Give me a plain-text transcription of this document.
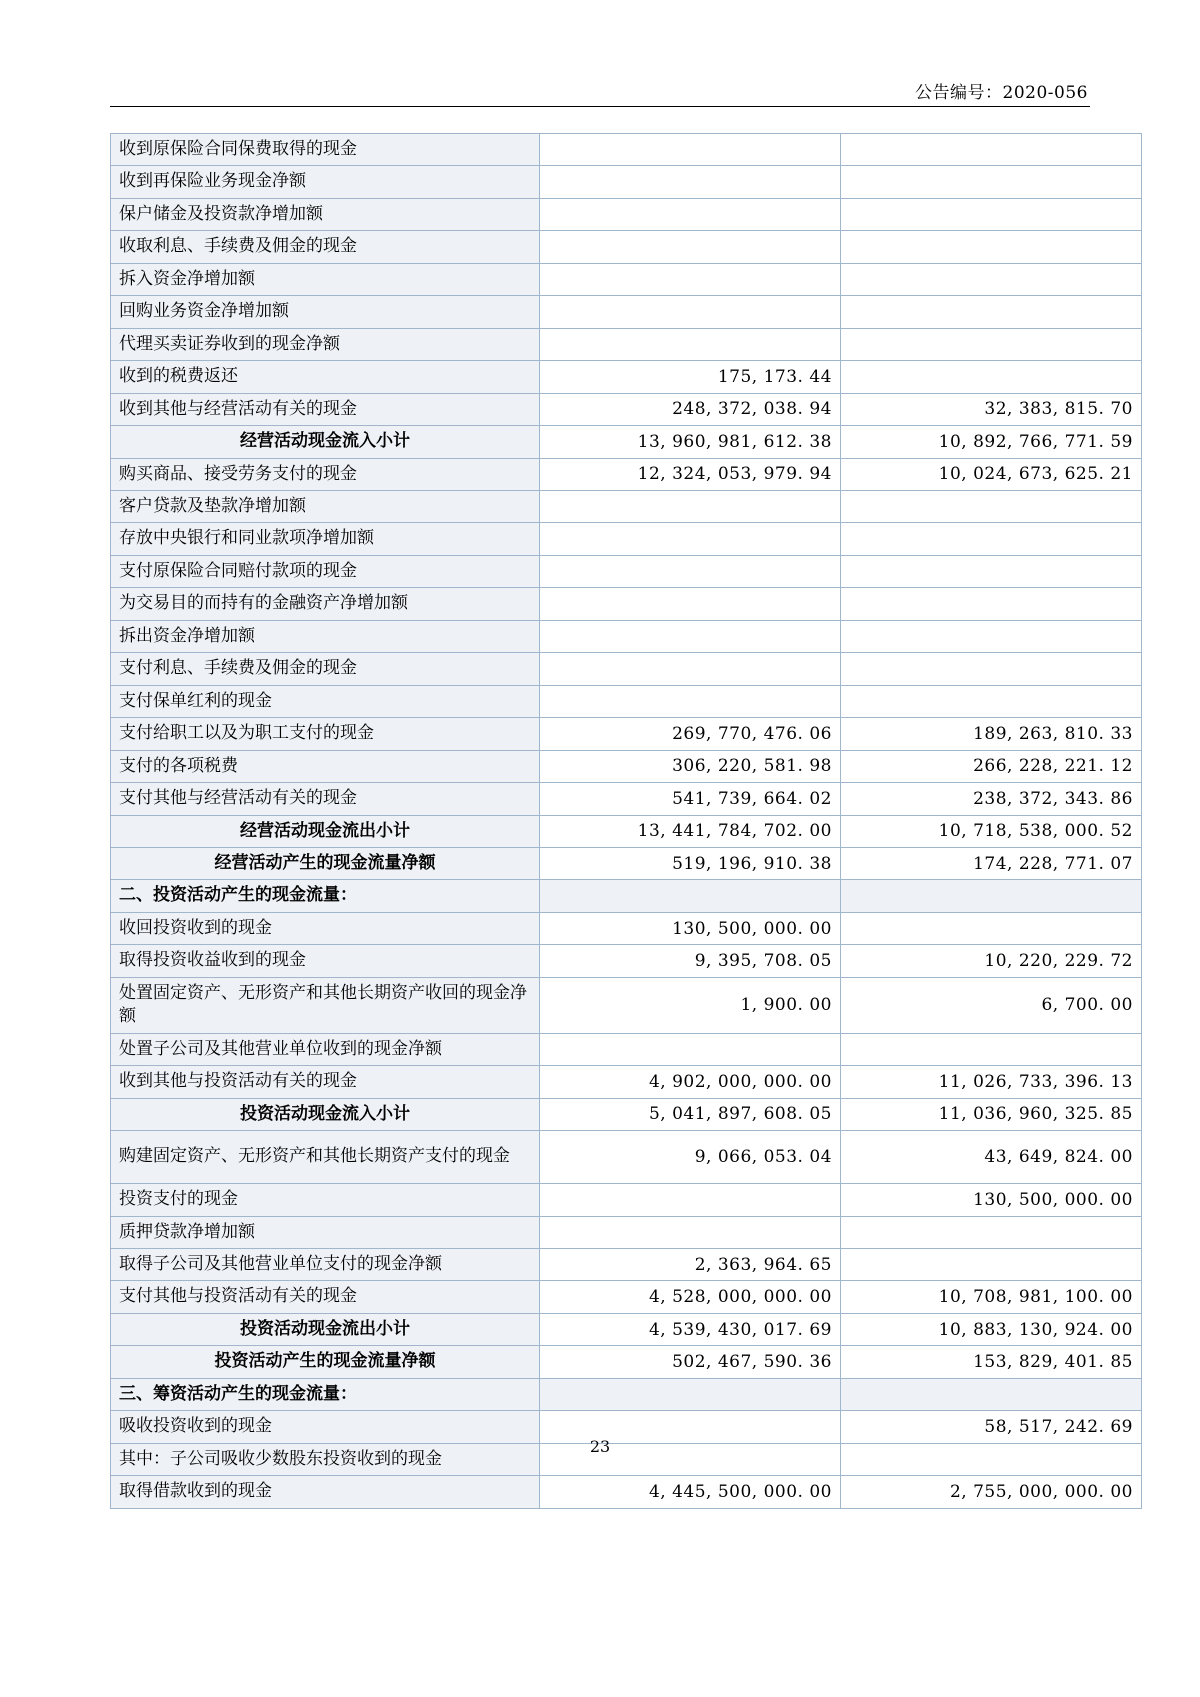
公告编号：2020-056
收到原保险合同保费取得的现金		
收到再保险业务现金净额		
保户储金及投资款净增加额		
收取利息、手续费及佣金的现金		
拆入资金净增加额		
回购业务资金净增加额		
代理买卖证券收到的现金净额		
收到的税费返还	175, 173. 44	
收到其他与经营活动有关的现金	248, 372, 038. 94	32, 383, 815. 70
经营活动现金流入小计	13, 960, 981, 612. 38	10, 892, 766, 771. 59
购买商品、接受劳务支付的现金	12, 324, 053, 979. 94	10, 024, 673, 625. 21
客户贷款及垫款净增加额		
存放中央银行和同业款项净增加额		
支付原保险合同赔付款项的现金		
为交易目的而持有的金融资产净增加额		
拆出资金净增加额		
支付利息、手续费及佣金的现金		
支付保单红利的现金		
支付给职工以及为职工支付的现金	269, 770, 476. 06	189, 263, 810. 33
支付的各项税费	306, 220, 581. 98	266, 228, 221. 12
支付其他与经营活动有关的现金	541, 739, 664. 02	238, 372, 343. 86
经营活动现金流出小计	13, 441, 784, 702. 00	10, 718, 538, 000. 52
经营活动产生的现金流量净额	519, 196, 910. 38	174, 228, 771. 07
二、投资活动产生的现金流量：		
收回投资收到的现金	130, 500, 000. 00	
取得投资收益收到的现金	9, 395, 708. 05	10, 220, 229. 72
处置固定资产、无形资产和其他长期资产收回的现金净额	1, 900. 00	6, 700. 00
处置子公司及其他营业单位收到的现金净额		
收到其他与投资活动有关的现金	4, 902, 000, 000. 00	11, 026, 733, 396. 13
投资活动现金流入小计	5, 041, 897, 608. 05	11, 036, 960, 325. 85
购建固定资产、无形资产和其他长期资产支付的现金	9, 066, 053. 04	43, 649, 824. 00
投资支付的现金		130, 500, 000. 00
质押贷款净增加额		
取得子公司及其他营业单位支付的现金净额	2, 363, 964. 65	
支付其他与投资活动有关的现金	4, 528, 000, 000. 00	10, 708, 981, 100. 00
投资活动现金流出小计	4, 539, 430, 017. 69	10, 883, 130, 924. 00
投资活动产生的现金流量净额	502, 467, 590. 36	153, 829, 401. 85
三、筹资活动产生的现金流量：		
吸收投资收到的现金		58, 517, 242. 69
其中：子公司吸收少数股东投资收到的现金		
取得借款收到的现金	4, 445, 500, 000. 00	2, 755, 000, 000. 00
23
